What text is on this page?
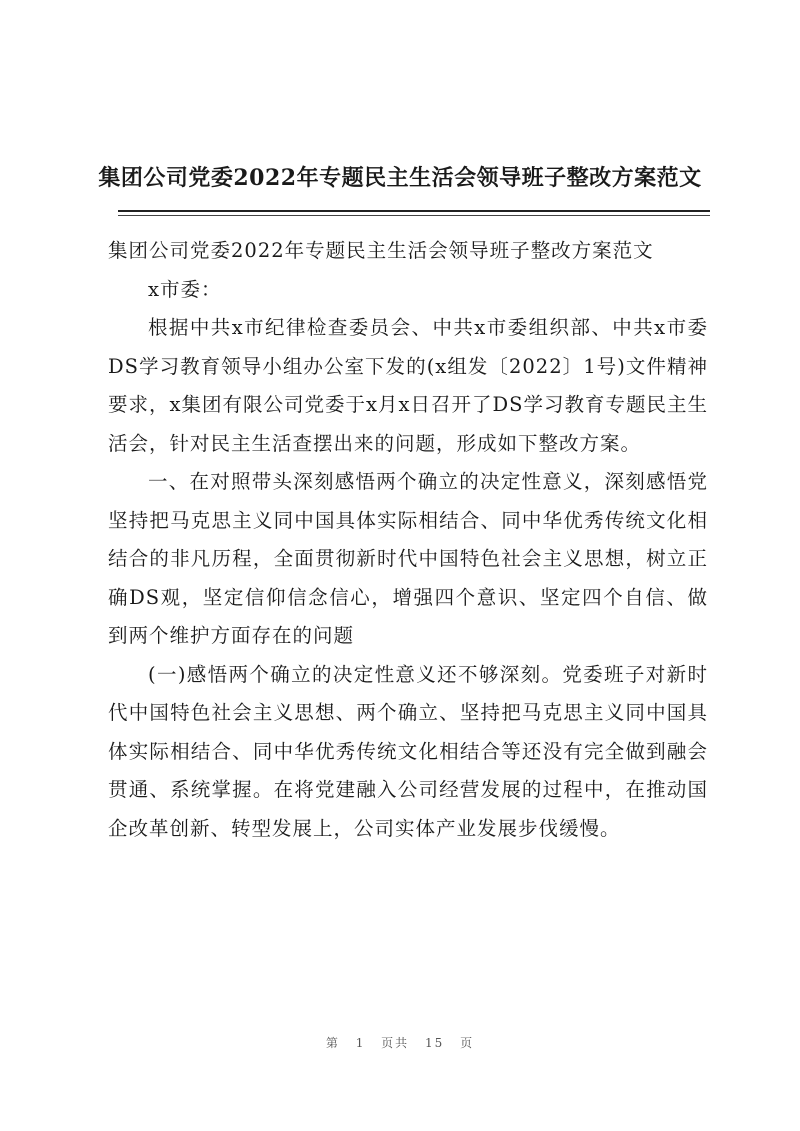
集团公司党委2022年专题民主生活会领导班子整改方案范文

集团公司党委2022年专题民主生活会领导班子整改方案范文

x市委：

根据中共x市纪律检查委员会、中共x市委组织部、中共x市委DS学习教育领导小组办公室下发的(x组发〔2022〕1号)文件精神要求，x集团有限公司党委于x月x日召开了DS学习教育专题民主生活会，针对民主生活查摆出来的问题，形成如下整改方案。

一、在对照带头深刻感悟两个确立的决定性意义，深刻感悟党坚持把马克思主义同中国具体实际相结合、同中华优秀传统文化相结合的非凡历程，全面贯彻新时代中国特色社会主义思想，树立正确DS观，坚定信仰信念信心，增强四个意识、坚定四个自信、做到两个维护方面存在的问题

(一)感悟两个确立的决定性意义还不够深刻。党委班子对新时代中国特色社会主义思想、两个确立、坚持把马克思主义同中国具体实际相结合、同中华优秀传统文化相结合等还没有完全做到融会贯通、系统掌握。在将党建融入公司经营发展的过程中，在推动国企改革创新、转型发展上，公司实体产业发展步伐缓慢。

第 1 页共 15 页
